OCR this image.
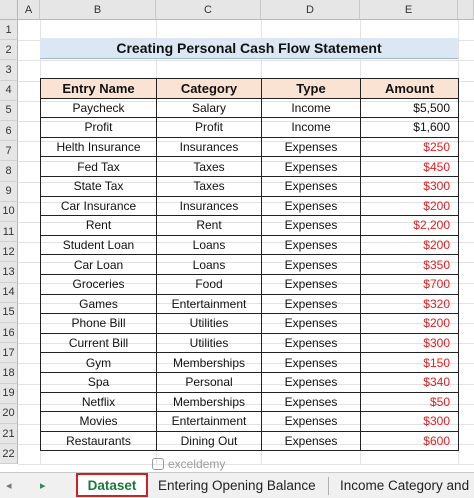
A	B	C	D	E
1
2
3
4
5
6
7
8
9
10
11
12
13
14
15
16
17
18
19
20
21
22
Creating Personal Cash Flow Statement
Entry Name	Category	Type	Amount
Paycheck	Salary	Income	$5,500
Profit	Profit	Income	$1,600
Helth Insurance	Insurances	Expenses	$250
Fed Tax	Taxes	Expenses	$450
State Tax	Taxes	Expenses	$300
Car Insurance	Insurances	Expenses	$200
Rent	Rent	Expenses	$2,200
Student Loan	Loans	Expenses	$200
Car Loan	Loans	Expenses	$350
Groceries	Food	Expenses	$700
Games	Entertainment	Expenses	$320
Phone Bill	Utilities	Expenses	$200
Current Bill	Utilities	Expenses	$300
Gym	Memberships	Expenses	$150
Spa	Personal	Expenses	$340
Netflix	Memberships	Expenses	$50
Movies	Entertainment	Expenses	$300
Restaurants	Dining Out	Expenses	$600
exceldemy
◂	▸	Dataset	Entering Opening Balance Income Category and
